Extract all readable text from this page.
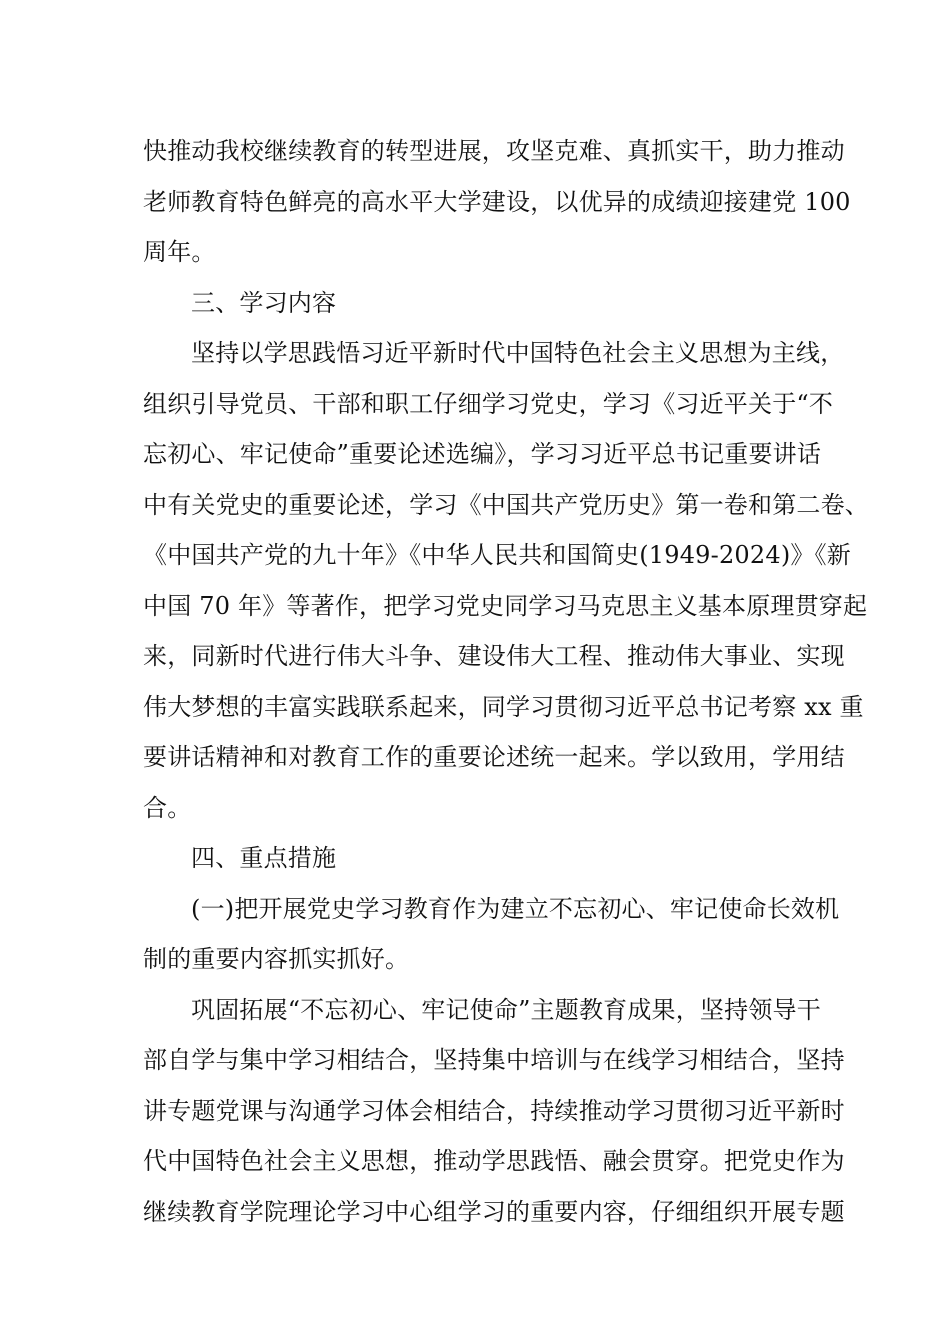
快推动我校继续教育的转型进展，攻坚克难、真抓实干，助力推动
老师教育特色鲜亮的高水平大学建设，以优异的成绩迎接建党 100
周年。
三、学习内容
坚持以学思践悟习近平新时代中国特色社会主义思想为主线，
组织引导党员、干部和职工仔细学习党史，学习《习近平关于“不
忘初心、牢记使命”重要论述选编》，学习习近平总书记重要讲话
中有关党史的重要论述，学习《中国共产党历史》第一卷和第二卷、
《中国共产党的九十年》《中华人民共和国简史(1949-2024)》《新
中国 70 年》等著作，把学习党史同学习马克思主义基本原理贯穿起
来，同新时代进行伟大斗争、建设伟大工程、推动伟大事业、实现
伟大梦想的丰富实践联系起来，同学习贯彻习近平总书记考察 xx 重
要讲话精神和对教育工作的重要论述统一起来。学以致用，学用结
合。
四、重点措施
(一)把开展党史学习教育作为建立不忘初心、牢记使命长效机
制的重要内容抓实抓好。
巩固拓展“不忘初心、牢记使命”主题教育成果，坚持领导干
部自学与集中学习相结合，坚持集中培训与在线学习相结合，坚持
讲专题党课与沟通学习体会相结合，持续推动学习贯彻习近平新时
代中国特色社会主义思想，推动学思践悟、融会贯穿。把党史作为
继续教育学院理论学习中心组学习的重要内容，仔细组织开展专题
